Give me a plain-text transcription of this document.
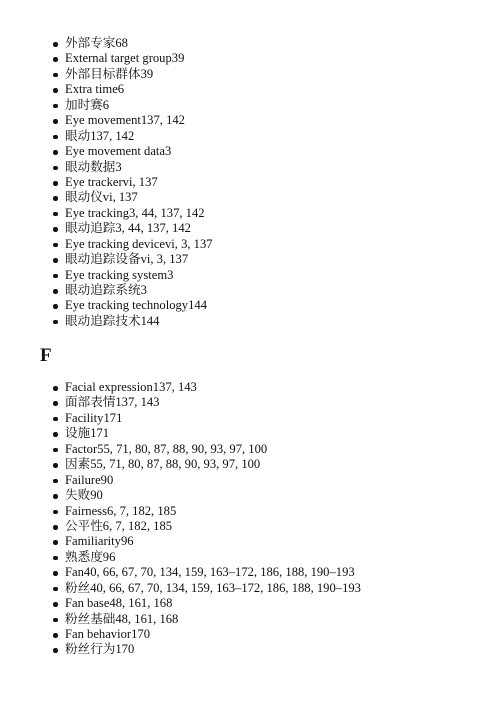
外部专家68
External target group39
外部目标群体39
Extra time6
加时赛6
Eye movement137, 142
眼动137, 142
Eye movement data3
眼动数据3
Eye trackervi, 137
眼动仪vi, 137
Eye tracking3, 44, 137, 142
眼动追踪3, 44, 137, 142
Eye tracking devicevi, 3, 137
眼动追踪设备vi, 3, 137
Eye tracking system3
眼动追踪系统3
Eye tracking technology144
眼动追踪技术144
F
Facial expression137, 143
面部表情137, 143
Facility171
设施171
Factor55, 71, 80, 87, 88, 90, 93, 97, 100
因素55, 71, 80, 87, 88, 90, 93, 97, 100
Failure90
失败90
Fairness6, 7, 182, 185
公平性6, 7, 182, 185
Familiarity96
熟悉度96
Fan40, 66, 67, 70, 134, 159, 163–172, 186, 188, 190–193
粉丝40, 66, 67, 70, 134, 159, 163–172, 186, 188, 190–193
Fan base48, 161, 168
粉丝基础48, 161, 168
Fan behavior170
粉丝行为170
